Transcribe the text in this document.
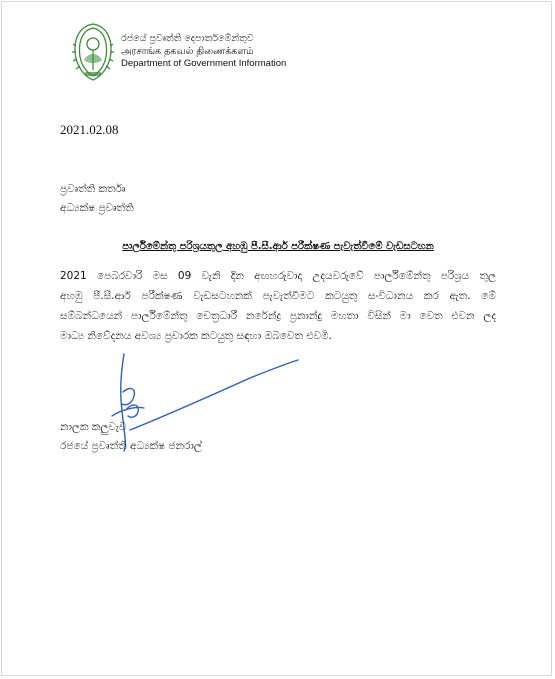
රජයේ ප්‍රවෘත්ති දෙපාර්තමේන්තුව
அரசாங்க தகவல் திணைக்களம்
Department of Government Information
2021.02.08
ප්‍රවෘත්ති කර්තෘ
අධ්‍යක්ෂ ප්‍රවෘත්ති
පාර්ලිමේන්තු පරිශ්‍රයතුල අහඹු පී.සී.ආර් පරීක්ෂණ පැවැත්වීමේ වැඩසටහන
2021 පෙබරවාරි මස 09 වැනි දින අඟහරුවාදා උදයවරුවේ පාර්ලිමේන්තු පරිශ්‍රය තුල
අහඹු පී.සී.ආර් පරීක්ෂණ වැඩසටහනක් පැවැත්වීමට කටයුතු සංවිධානය කර ඇත. මේ
සම්බන්ධයෙන් පාර්ලිමේන්තු චෙත්‍රධාරී නරේන්ද්‍ර ප්‍රනාන්දු මහතා විසින් මා වෙත එවන ලද
මාධ්‍ය නිවේදනය අවශ්‍ය ප්‍රචාරක කටයුතු සඳහා ඔබවෙත එවමි.
නාලක කලුවැව
රජයේ ප්‍රවෘත්ති අධ්‍යක්ෂ ජනරාල්
